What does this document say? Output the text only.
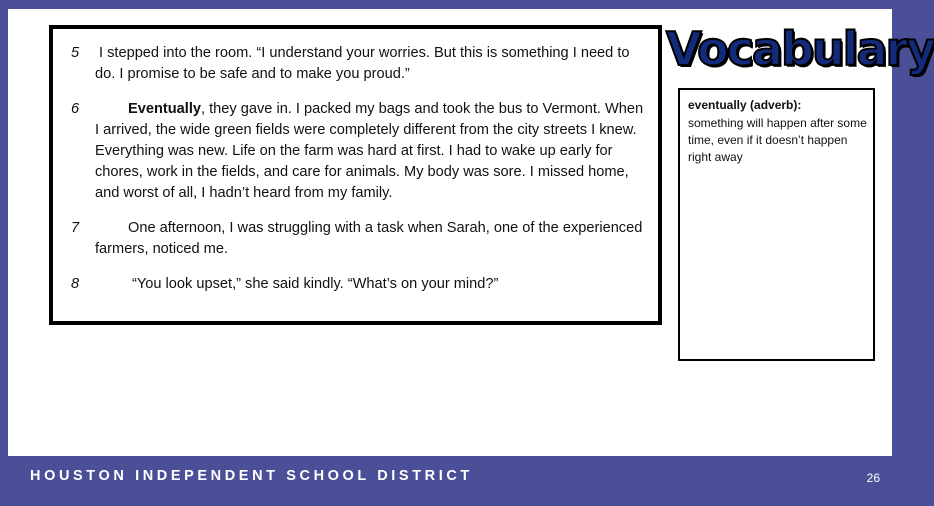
5 I stepped into the room. “I understand your worries. But this is something I need to do. I promise to be safe and to make you proud.”
6	Eventually, they gave in. I packed my bags and took the bus to Vermont. When I arrived, the wide green fields were completely different from the city streets I knew. Everything was new. Life on the farm was hard at first. I had to wake up early for chores, work in the fields, and care for animals. My body was sore. I missed home, and worst of all, I hadn’t heard from my family.
7	One afternoon, I was struggling with a task when Sarah, one of the experienced farmers, noticed me.
8	“You look upset,” she said kindly. “What’s on your mind?”
Vocabulary
eventually (adverb):
something will happen after some time, even if it doesn’t happen right away
HOUSTON INDEPENDENT SCHOOL DISTRICT	26
